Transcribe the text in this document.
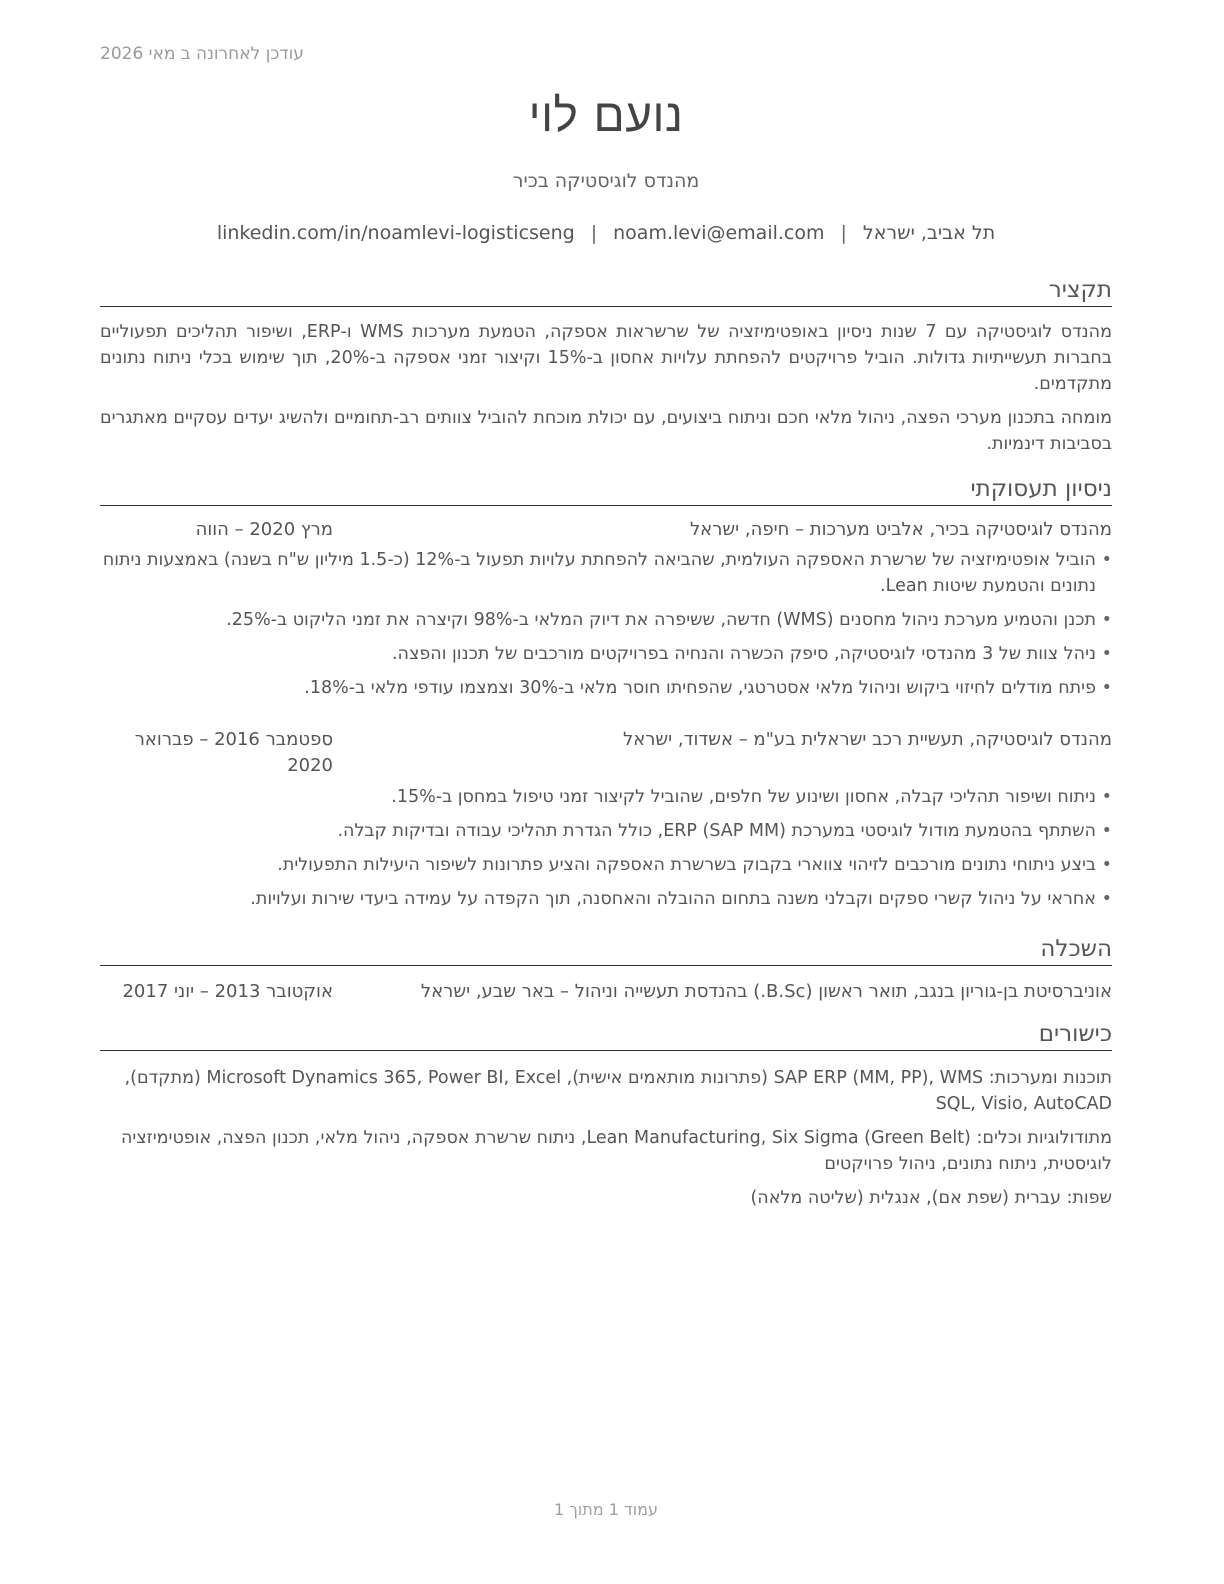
עודכן לאחרונה ב מאי 2026
נועם לוי
מהנדס לוגיסטיקה בכיר
תל אביב, ישראל|noam.levi@email.com|linkedin.com/in/noamlevi-logisticseng
תקציר
מהנדס לוגיסטיקה עם 7 שנות ניסיון באופטימיזציה של שרשראות אספקה, הטמעת מערכות WMS ו-ERP, ושיפור תהליכים תפעוליים בחברות תעשייתיות גדולות. הוביל פרויקטים להפחתת עלויות אחסון ב-15% וקיצור זמני אספקה ב-20%, תוך שימוש בכלי ניתוח נתונים מתקדמים.
מומחה בתכנון מערכי הפצה, ניהול מלאי חכם וניתוח ביצועים, עם יכולת מוכחת להוביל צוותים רב-תחומיים ולהשיג יעדים עסקיים מאתגרים בסביבות דינמיות.
ניסיון תעסוקתי
מהנדס לוגיסטיקה בכיר, אלביט מערכות – חיפה, ישראל
מרץ 2020 – הווה
• הוביל אופטימיזציה של שרשרת האספקה העולמית, שהביאה להפחתת עלויות תפעול ב-12% (כ-1.5 מיליון ש"ח בשנה) באמצעות ניתוח נתונים והטמעת שיטות Lean.
• תכנן והטמיע מערכת ניהול מחסנים (WMS) חדשה, ששיפרה את דיוק המלאי ב-98% וקיצרה את זמני הליקוט ב-25%.
• ניהל צוות של 3 מהנדסי לוגיסטיקה, סיפק הכשרה והנחיה בפרויקטים מורכבים של תכנון והפצה.
• פיתח מודלים לחיזוי ביקוש וניהול מלאי אסטרטגי, שהפחיתו חוסר מלאי ב-30% וצמצמו עודפי מלאי ב-18%.
מהנדס לוגיסטיקה, תעשיית רכב ישראלית בע"מ – אשדוד, ישראל
ספטמבר 2016 – פברואר 2020
• ניתוח ושיפור תהליכי קבלה, אחסון ושינוע של חלפים, שהוביל לקיצור זמני טיפול במחסן ב-15%.
• השתתף בהטמעת מודול לוגיסטי במערכת ERP (SAP MM), כולל הגדרת תהליכי עבודה ובדיקות קבלה.
• ביצע ניתוחי נתונים מורכבים לזיהוי צווארי בקבוק בשרשרת האספקה והציע פתרונות לשיפור היעילות התפעולית.
• אחראי על ניהול קשרי ספקים וקבלני משנה בתחום ההובלה והאחסנה, תוך הקפדה על עמידה ביעדי שירות ועלויות.
השכלה
אוניברסיטת בן-גוריון בנגב, תואר ראשון (B.Sc.) בהנדסת תעשייה וניהול – באר שבע, ישראל
אוקטובר 2013 – יוני 2017
כישורים
תוכנות ומערכות: SAP ERP (MM, PP), WMS (פתרונות מותאמים אישית), Microsoft Dynamics 365, Power BI, Excel (מתקדם), SQL, Visio, AutoCAD
מתודולוגיות וכלים: Lean Manufacturing, Six Sigma (Green Belt), ניתוח שרשרת אספקה, ניהול מלאי, תכנון הפצה, אופטימיזציה לוגיסטית, ניתוח נתונים, ניהול פרויקטים
שפות: עברית (שפת אם), אנגלית (שליטה מלאה)
עמוד 1 מתוך 1
